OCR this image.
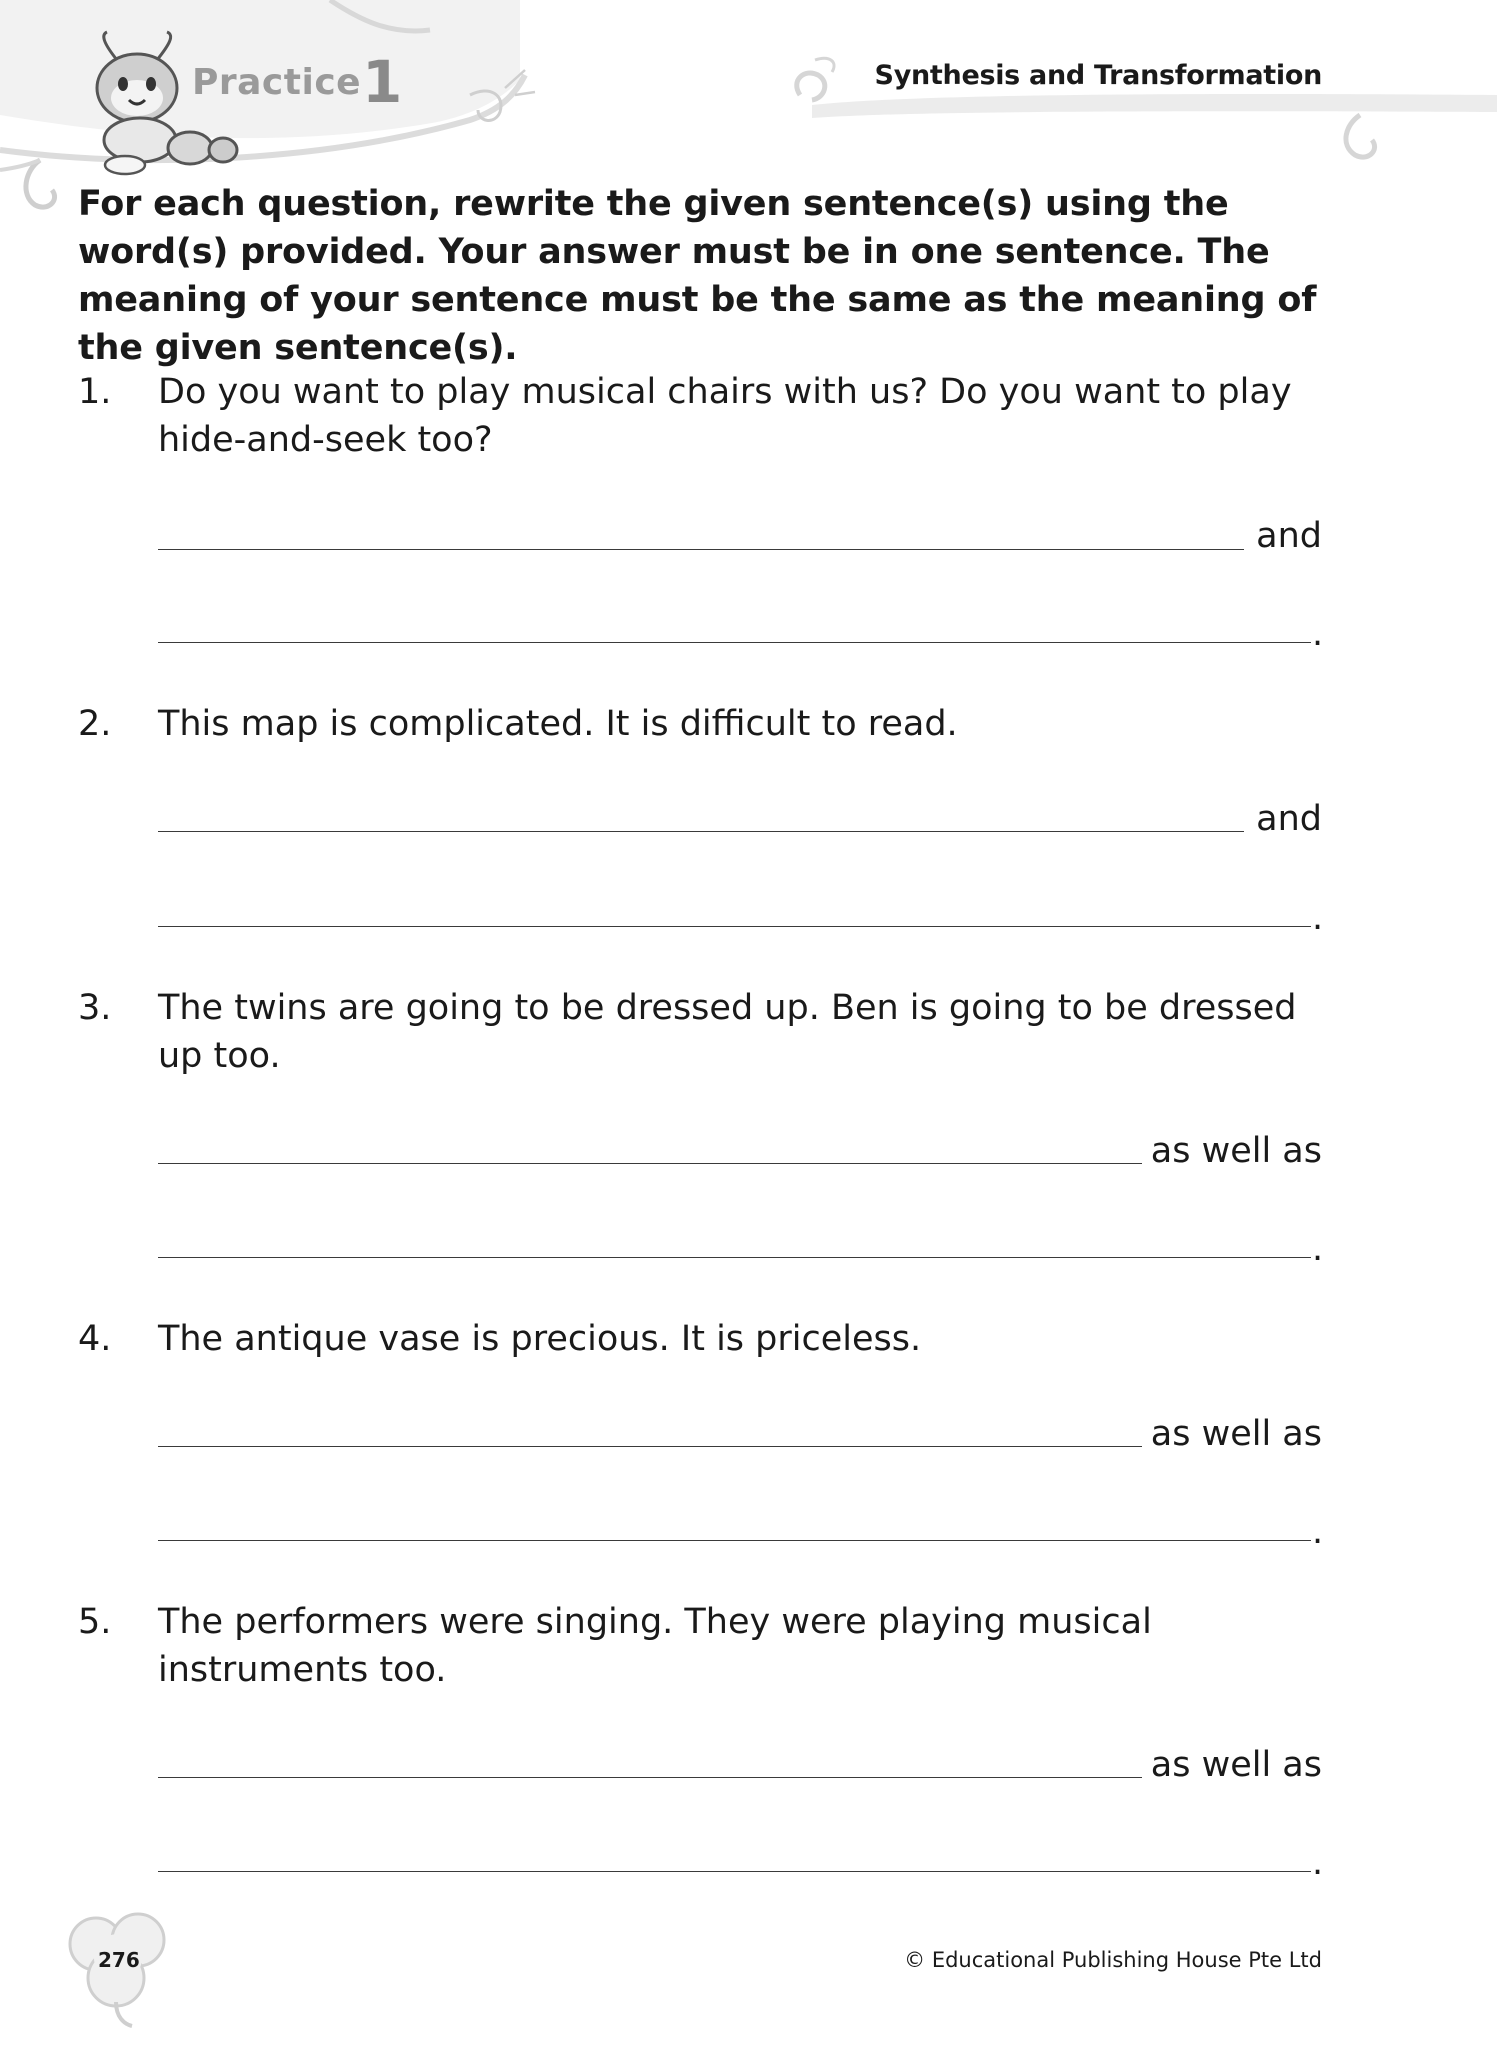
Practice 1	Synthesis and Transformation
For each question, rewrite the given sentence(s) using the word(s) provided. Your answer must be in one sentence. The meaning of your sentence must be the same as the meaning of the given sentence(s).
1. Do you want to play musical chairs with us? Do you want to play hide-and-seek too?
and
.
2. This map is complicated. It is difficult to read.
and
.
3. The twins are going to be dressed up. Ben is going to be dressed up too.
as well as
.
4. The antique vase is precious. It is priceless.
as well as
.
5. The performers were singing. They were playing musical instruments too.
as well as
.
276	© Educational Publishing House Pte Ltd
